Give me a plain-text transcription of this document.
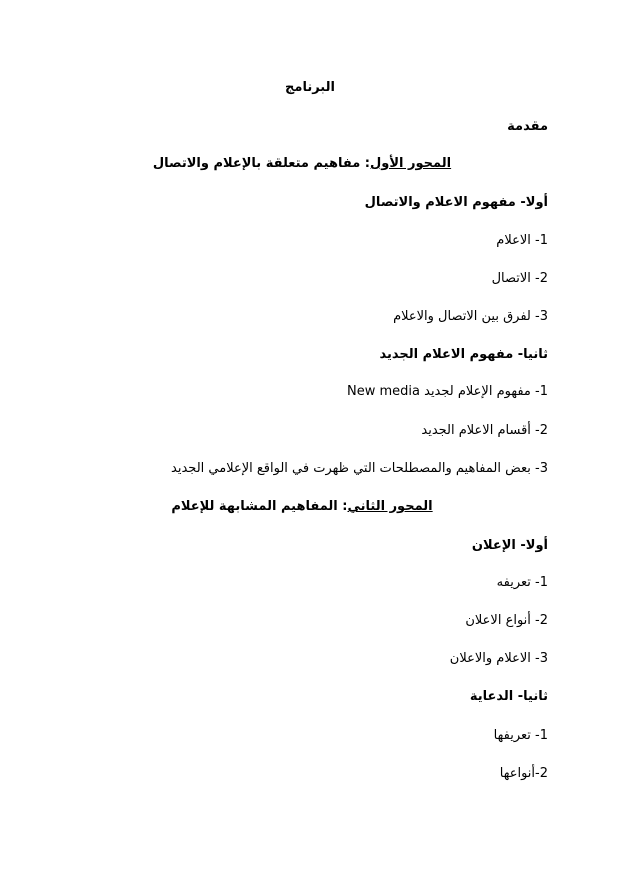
البرنامج
مقدمة
المحور الأول: مفاهيم متعلقة بالإعلام والاتصال
أولا- مفهوم الاعلام والاتصال
1- الاعلام
2- الاتصال
3- لفرق بين الاتصال والاعلام
ثانيا- مفهوم الاعلام الجديد
1- مفهوم الإعلام لجديد New media
2- أقسام الاعلام الجديد
3- بعض المفاهيم والمصطلحات التي ظهرت في الواقع الإعلامي الجديد
المحور الثاني: المفاهيم المشابهة للإعلام
أولا- الإعلان
1- تعريفه
2- أنواع الاعلان
3- الاعلام والاعلان
ثانيا- الدعاية
1- تعريفها
2-أنواعها
